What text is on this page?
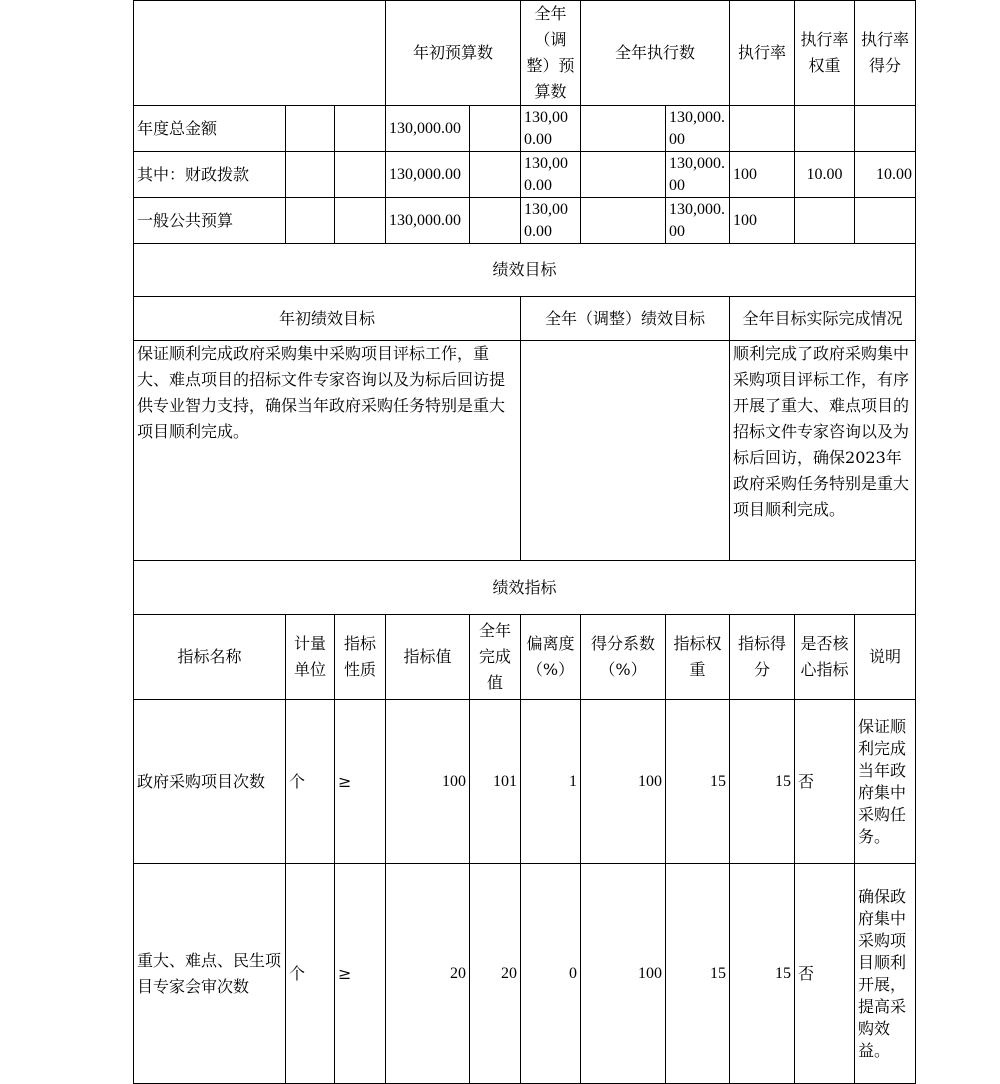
			年初预算数		全年（调整）预算数	全年执行数		执行率	执行率权重	执行率得分
年度总金额			130,000.00		130,000.00		130,000.00			
其中：财政拨款			130,000.00		130,000.00		130,000.00	100	10.00	10.00
一般公共预算			130,000.00		130,000.00		130,000.00	100		
绩效目标										
年初绩效目标					全年（调整）绩效目标			全年目标实际完成情况		
保证顺利完成政府采购集中采购项目评标工作，重大、难点项目的招标文件专家咨询以及为标后回访提供专业智力支持，确保当年政府采购任务特别是重大项目顺利完成。								顺利完成了政府采购集中采购项目评标工作，有序开展了重大、难点项目的招标文件专家咨询以及为标后回访，确保2023年政府采购任务特别是重大项目顺利完成。		
绩效指标										
指标名称	计量单位	指标性质	指标值	全年完成值	偏离度（%）	得分系数（%）	指标权重	指标得分	是否核心指标	说明
政府采购项目次数	个	≥	100	101	1	100	15	15	否	保证顺利完成当年政府集中采购任务。
重大、难点、民生项目专家会审次数	个	≥	20	20	0	100	15	15	否	确保政府集中采购项目顺利开展，提高采购效益。
